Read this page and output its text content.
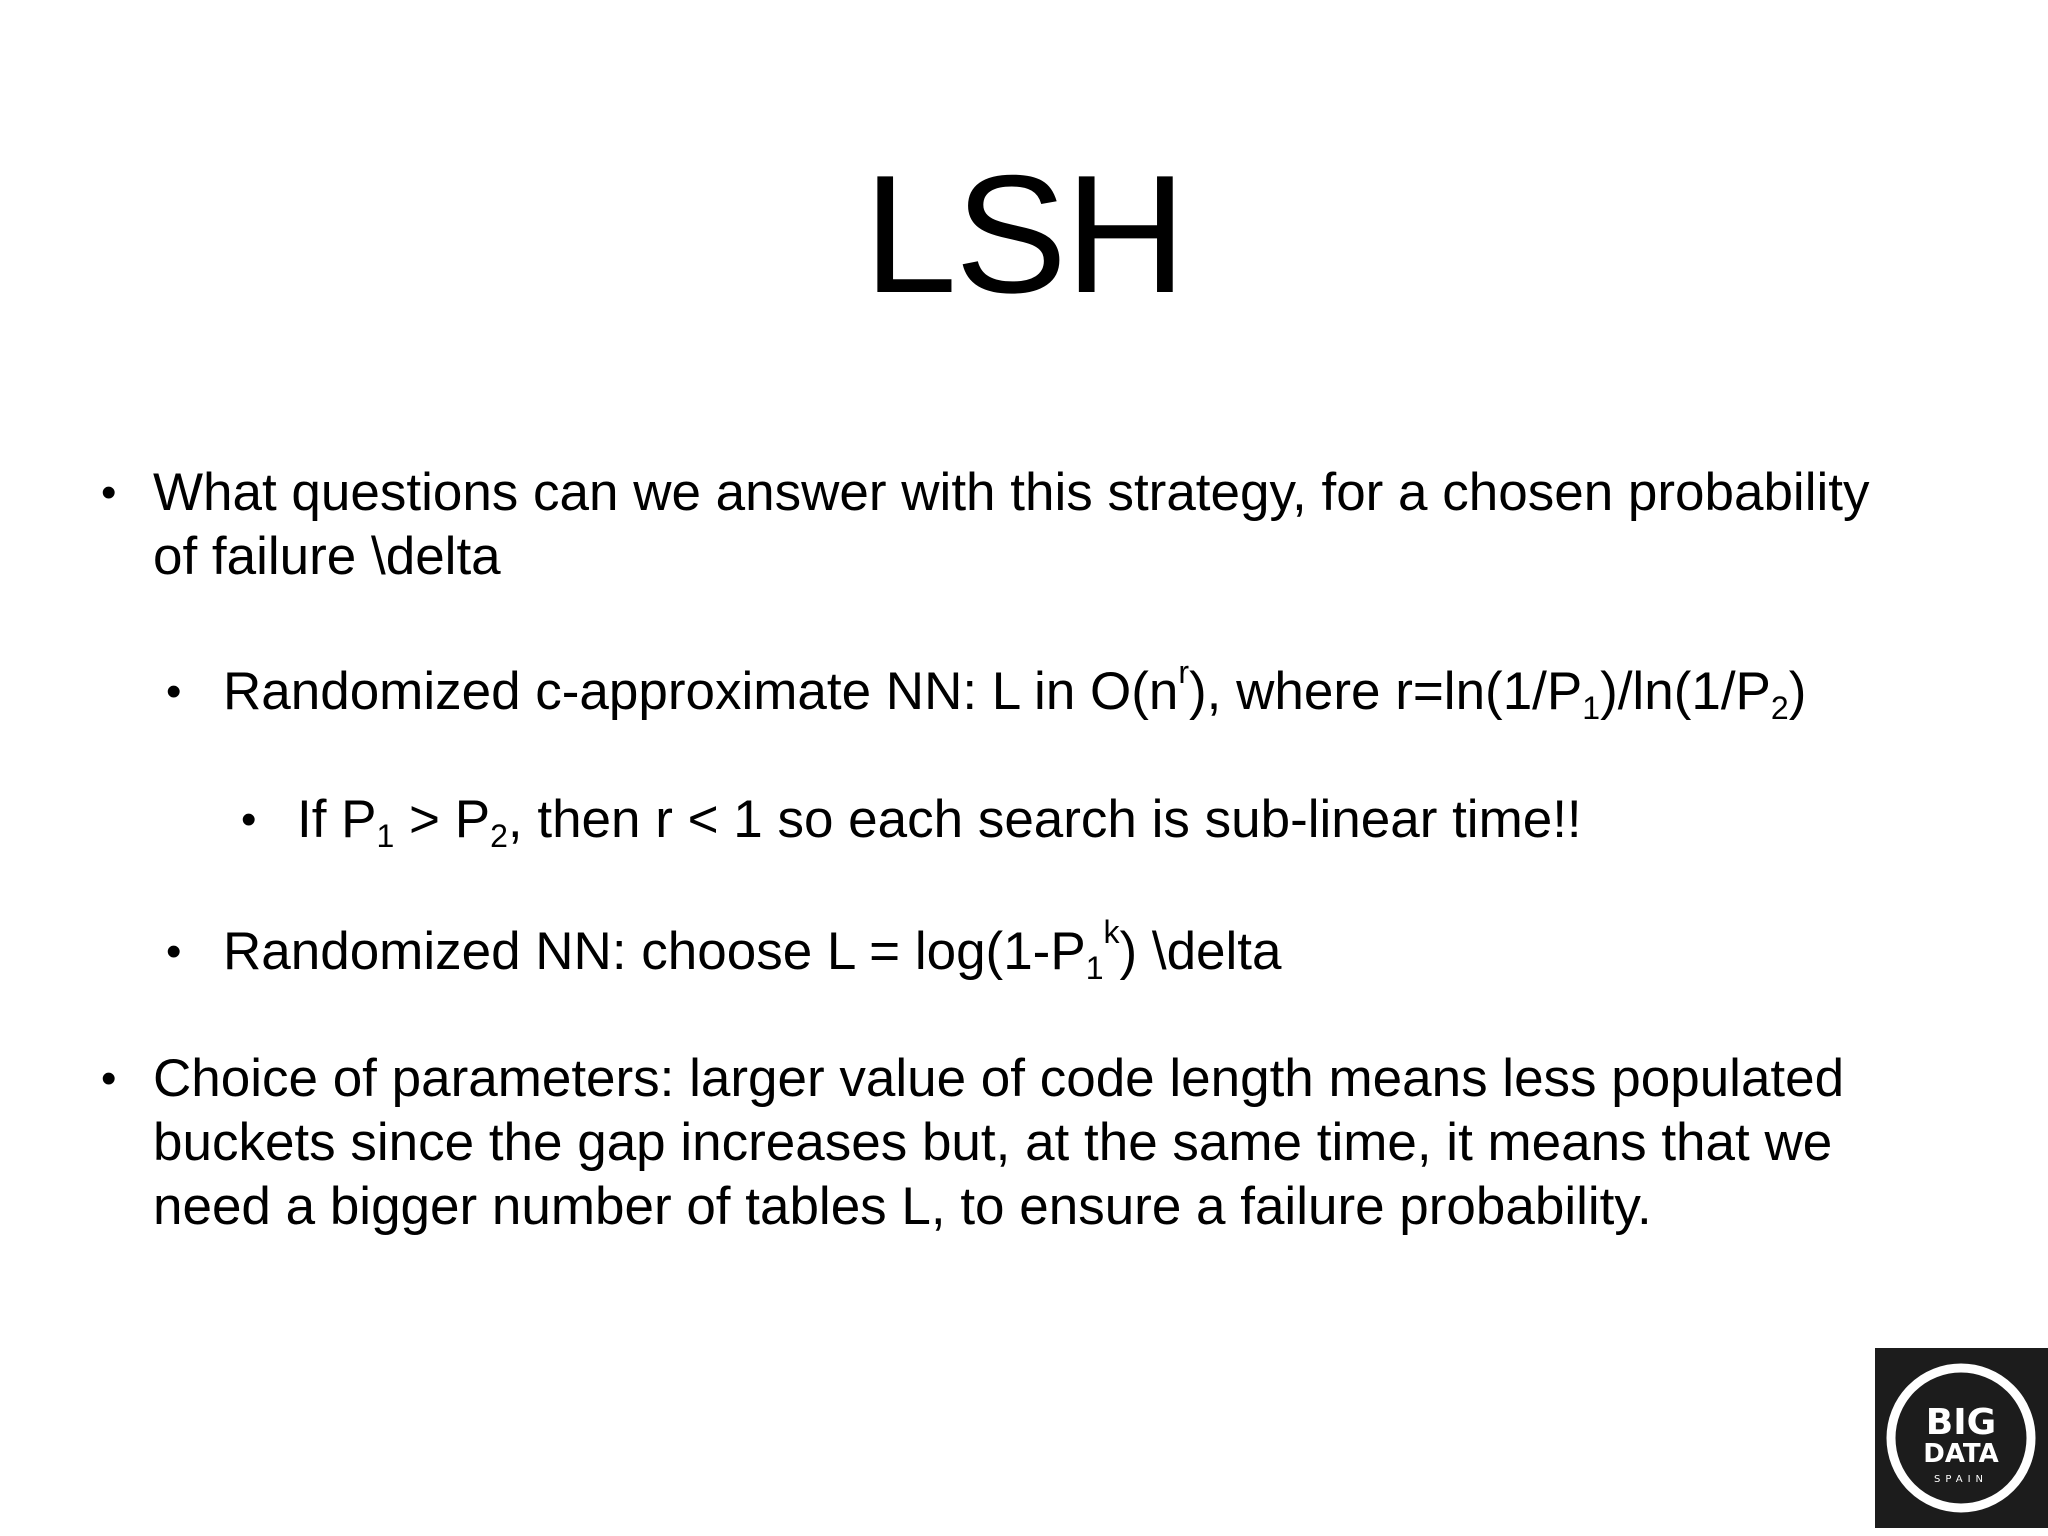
LSH
• What questions can we answer with this strategy, for a chosen probability of failure \delta
• Randomized c-approximate NN: L in $O(n^r)$, where $r=\ln(1/P_1)/\ln(1/P_2)$
• If $P_1 > P_2$, then r < 1 so each search is sub-linear time!!
• Randomized NN: choose $L = \log(1-P_1^k)$ \delta
• Choice of parameters: larger value of code length means less populated buckets since the gap increases but, at the same time, it means that we need a bigger number of tables L, to ensure a failure probability.
BIG
DATA
SPAIN
